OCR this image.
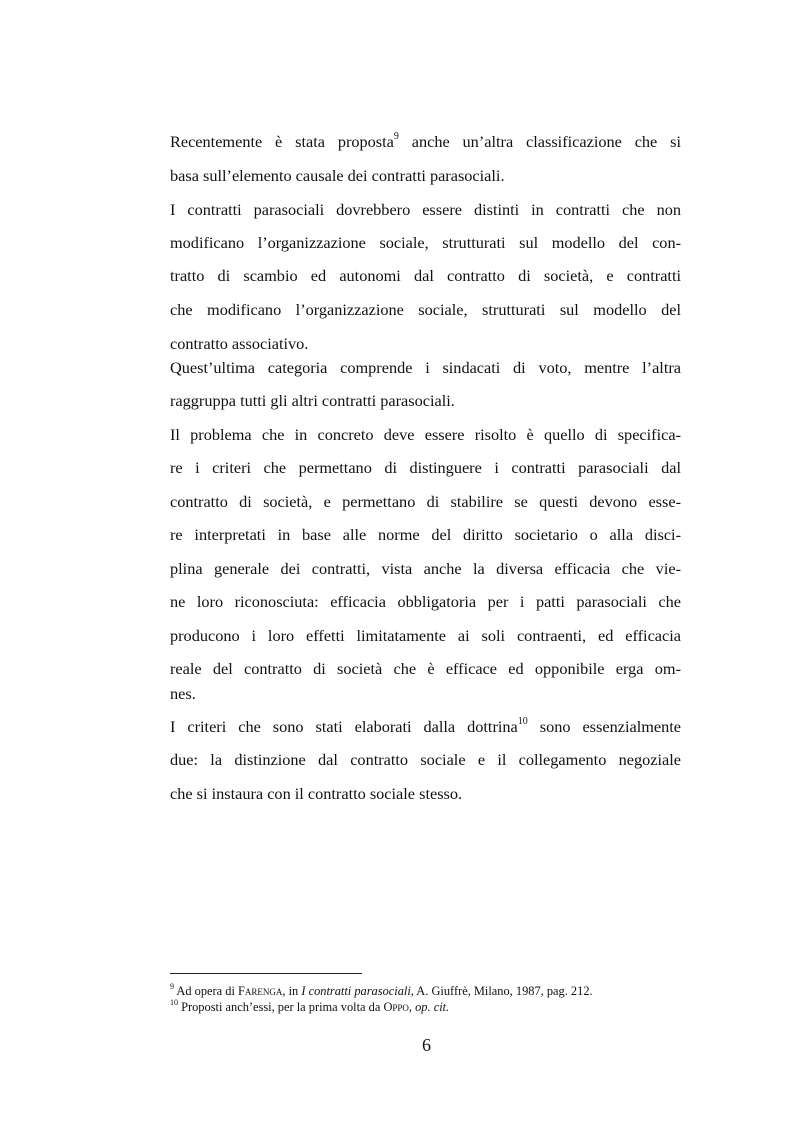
Recentemente è stata proposta$^9$ anche un’altra classificazione che si
basa sull’elemento causale dei contratti parasociali.
I contratti parasociali dovrebbero essere distinti in contratti che non
modificano l’organizzazione sociale, strutturati sul modello del con-
tratto di scambio ed autonomi dal contratto di società, e contratti
che modificano l’organizzazione sociale, strutturati sul modello del
contratto associativo.
Quest’ultima categoria comprende i sindacati di voto, mentre l’altra
raggruppa tutti gli altri contratti parasociali.
Il problema che in concreto deve essere risolto è quello di specifica-
re i criteri che permettano di distinguere i contratti parasociali dal
contratto di società, e permettano di stabilire se questi devono esse-
re interpretati in base alle norme del diritto societario o alla disci-
plina generale dei contratti, vista anche la diversa efficacia che vie-
ne loro riconosciuta: efficacia obbligatoria per i patti parasociali che
producono i loro effetti limitatamente ai soli contraenti, ed efficacia
reale del contratto di società che è efficace ed opponibile erga om-
nes.
I criteri che sono stati elaborati dalla dottrina$^{10}$ sono essenzialmente
due: la distinzione dal contratto sociale e il collegamento negoziale
che si instaura con il contratto sociale stesso.
$^9$ Ad opera di Farenga, in I contratti parasociali, A. Giuffrè, Milano, 1987, pag. 212.
$^{10}$ Proposti anch’essi, per la prima volta da Oppo, op. cit.
6
